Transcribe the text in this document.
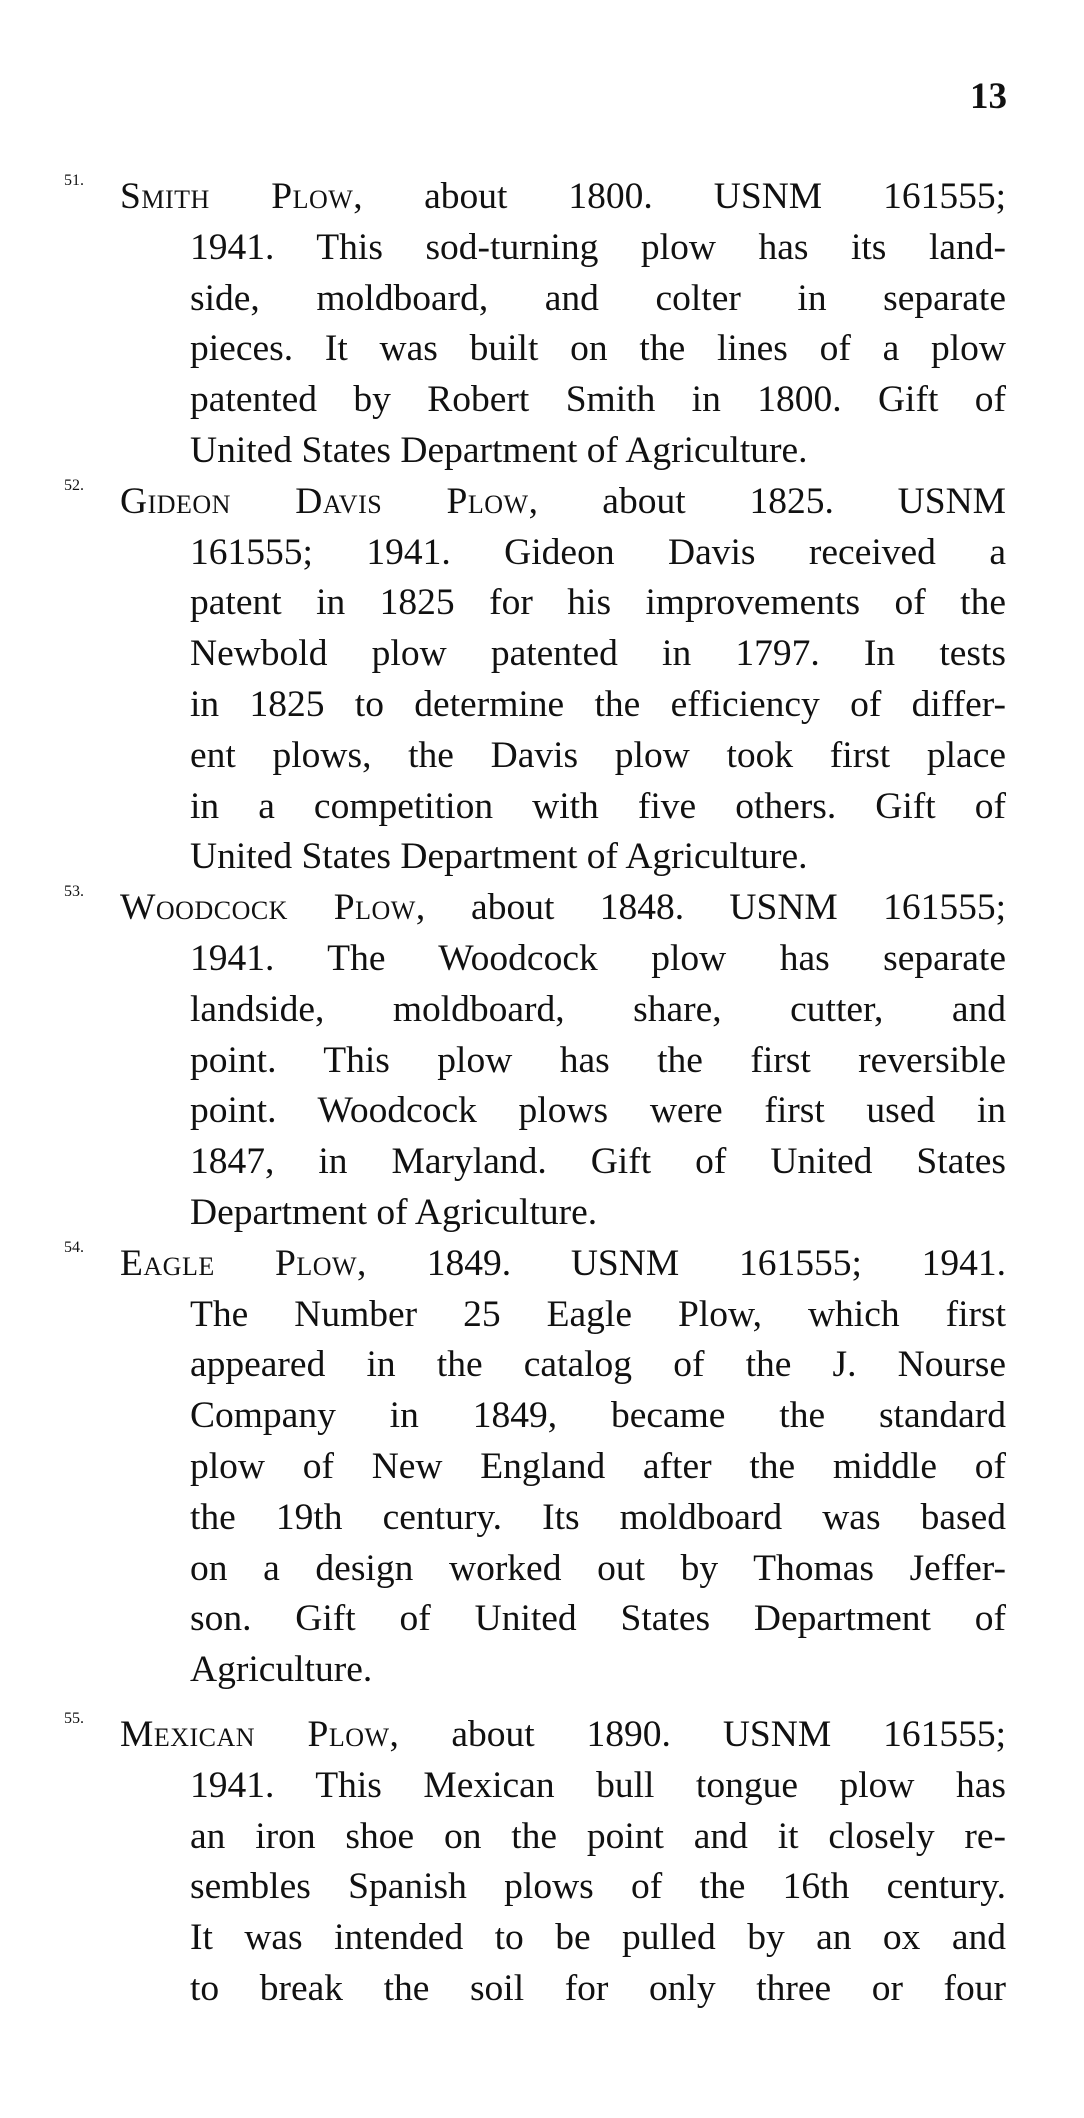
13
51. Smith Plow, about 1800. USNM 161555;
1941. This sod-turning plow has its land-
side, moldboard, and colter in separate
pieces. It was built on the lines of a plow
patented by Robert Smith in 1800. Gift of
United States Department of Agriculture.
52. Gideon Davis Plow, about 1825. USNM
161555; 1941. Gideon Davis received a
patent in 1825 for his improvements of the
Newbold plow patented in 1797. In tests
in 1825 to determine the efficiency of differ-
ent plows, the Davis plow took first place
in a competition with five others. Gift of
United States Department of Agriculture.
53. Woodcock Plow, about 1848. USNM 161555;
1941. The Woodcock plow has separate
landside, moldboard, share, cutter, and
point. This plow has the first reversible
point. Woodcock plows were first used in
1847, in Maryland. Gift of United States
Department of Agriculture.
54. Eagle Plow, 1849. USNM 161555; 1941.
The Number 25 Eagle Plow, which first
appeared in the catalog of the J. Nourse
Company in 1849, became the standard
plow of New England after the middle of
the 19th century. Its moldboard was based
on a design worked out by Thomas Jeffer-
son. Gift of United States Department of
Agriculture.
55. Mexican Plow, about 1890. USNM 161555;
1941. This Mexican bull tongue plow has
an iron shoe on the point and it closely re-
sembles Spanish plows of the 16th century.
It was intended to be pulled by an ox and
to break the soil for only three or four
